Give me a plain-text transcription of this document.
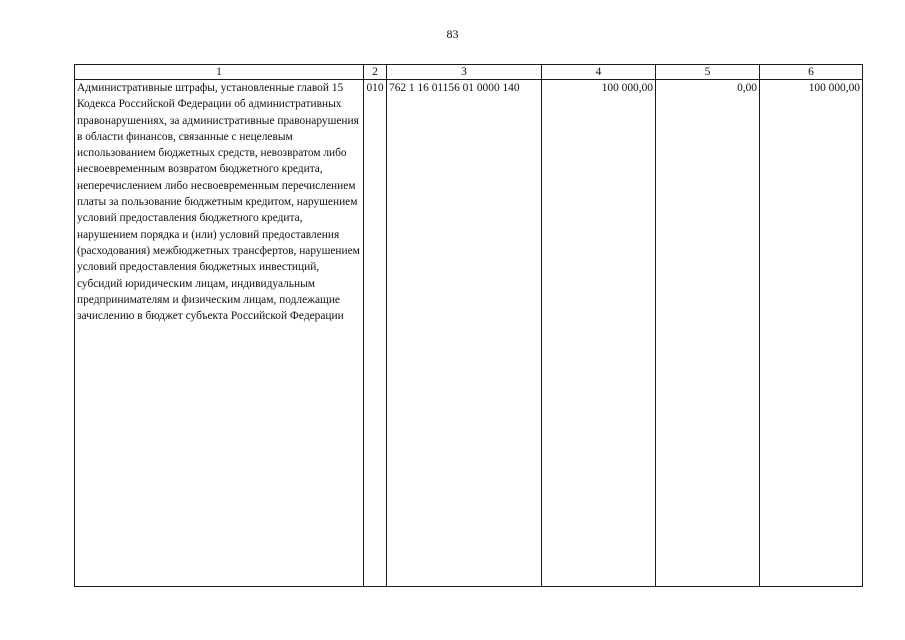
83
1	2	3	4	5	6
Административные штрафы, установленные главой 15 Кодекса Российской Федерации об административных правонарушениях, за административные правонарушения в области финансов, связанные с нецелевым использованием бюджетных средств, невозвратом либо несвоевременным возвратом бюджетного кредита, неперечислением либо несвоевременным перечислением платы за пользование бюджетным кредитом, нарушением условий предоставления бюджетного кредита, нарушением порядка и (или) условий предоставления (расходования) межбюджетных трансфертов, нарушением условий предоставления бюджетных инвестиций, субсидий юридическим лицам, индивидуальным предпринимателям и физическим лицам, подлежащие зачислению в бюджет субъекта Российской Федерации	010	762 1 16 01156 01 0000 140	100 000,00	0,00	100 000,00
